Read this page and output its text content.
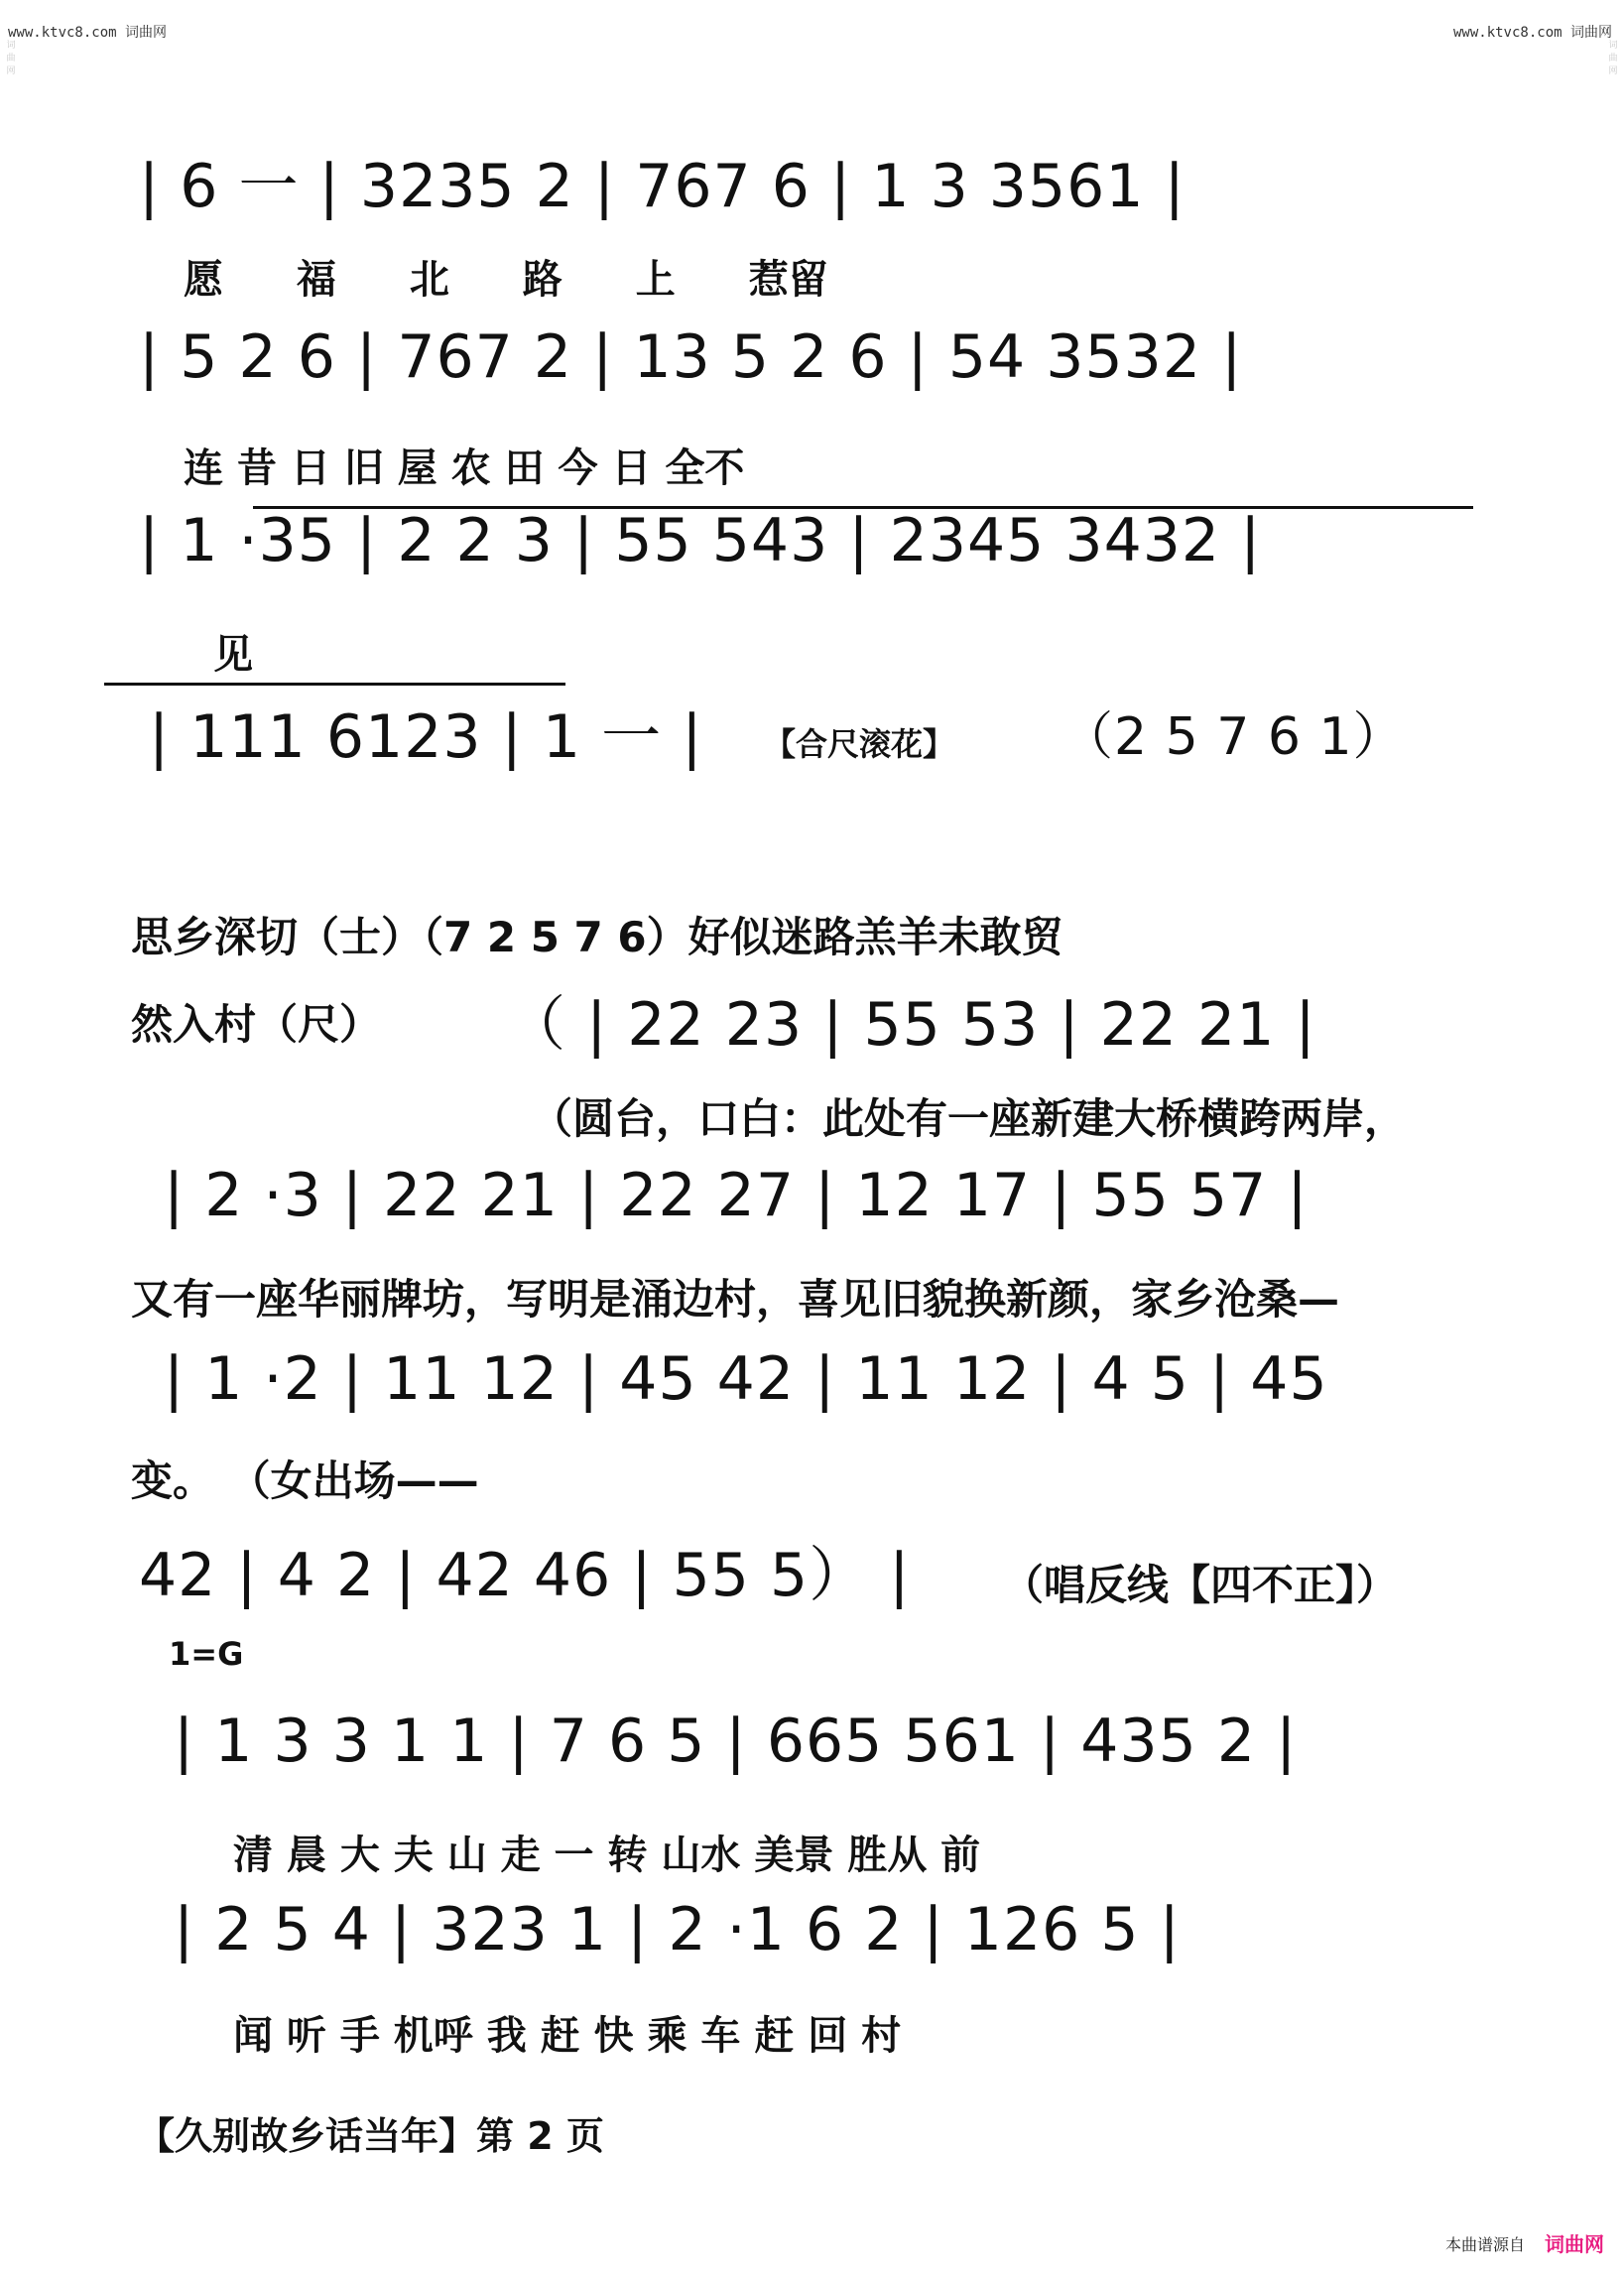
www.ktvc8.com 词曲网	www.ktvc8.com 词曲网
词曲网
词曲网
| 6 一 | 3235 2 | 767 6 | 1 3 3561 |
愿 福 北 路 上 惹留
| 5 2 6 | 767 2 | 13 5 2 6 | 54 3532 |
连 昔 日 旧 屋 农 田 今 日 全不
| 1 ·35 | 2 2 3 | 55 543 | 2345 3432 |
见
| 111 6123 | 1 一 | 【合尺滚花】 （2 5 7 6 1）
思乡深切（士）（7 2 5 7 6）好似迷路羔羊未敢贸
然入村（尺） （ | 22 23 | 55 53 | 22 21 |
（圆台，口白：此处有一座新建大桥横跨两岸，
| 2 ·3 | 22 21 | 22 27 | 12 17 | 55 57 |
又有一座华丽牌坊，写明是涌边村，喜见旧貌换新颜，家乡沧桑—
| 1 ·2 | 11 12 | 45 42 | 11 12 | 4 5 | 45
变。 （女出场——
42 | 4 2 | 42 46 | 55 5） | （唱反线【四不正】）
1=G
| 1 3 3 1 1 | 7 6 5 | 665 561 | 435 2 |
清 晨 大 夫 山 走 一 转 山水 美景 胜从 前
| 2 5 4 | 323 1 | 2 ·1 6 2 | 126 5 |
闻 听 手 机呼 我 赶 快 乘 车 赶 回 村
【久别故乡话当年】第 2 页
本曲谱源自 词曲网
